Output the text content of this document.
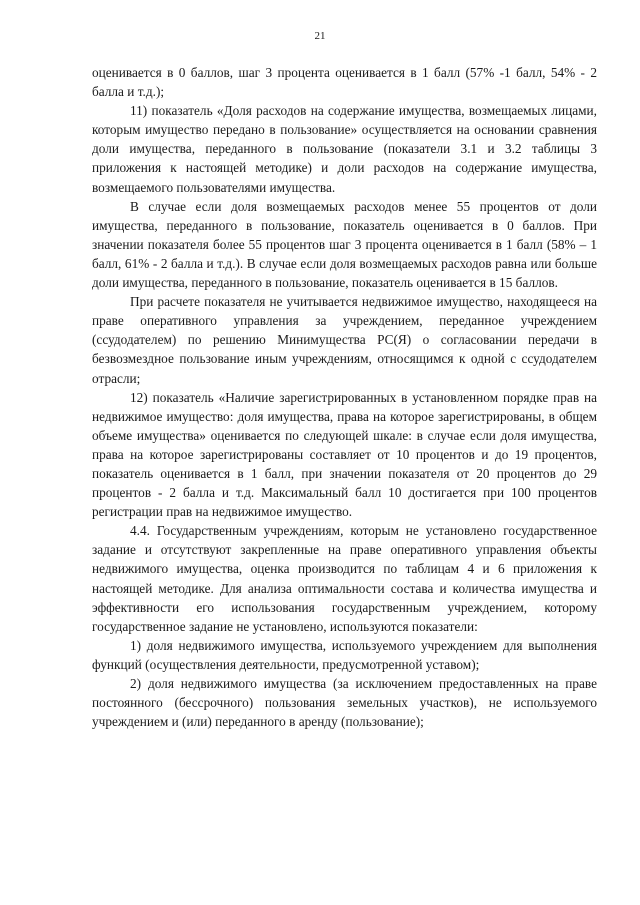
21

оценивается в 0 баллов, шаг 3 процента оценивается в 1 балл (57% -1 балл, 54% - 2 балла и т.д.);

11) показатель «Доля расходов на содержание имущества, возмещаемых лицами, которым имущество передано в пользование» осуществляется на основании сравнения доли имущества, переданного в пользование (показатели 3.1 и 3.2 таблицы 3 приложения к настоящей методике) и доли расходов на содержание имущества, возмещаемого пользователями имущества.

В случае если доля возмещаемых расходов менее 55 процентов от доли имущества, переданного в пользование, показатель оценивается в 0 баллов. При значении показателя более 55 процентов шаг 3 процента оценивается в 1 балл (58% – 1 балл, 61% - 2 балла и т.д.). В случае если доля возмещаемых расходов равна или больше доли имущества, переданного в пользование, показатель оценивается в 15 баллов.

При расчете показателя не учитывается недвижимое имущество, находящееся на праве оперативного управления за учреждением, переданное учреждением (ссудодателем) по решению Минимущества РС(Я) о согласовании передачи в безвозмездное пользование иным учреждениям, относящимся к одной с ссудодателем отрасли;

12) показатель «Наличие зарегистрированных в установленном порядке прав на недвижимое имущество: доля имущества, права на которое зарегистрированы, в общем объеме имущества» оценивается по следующей шкале: в случае если доля имущества, права на которое зарегистрированы составляет от 10 процентов и до 19 процентов, показатель оценивается в 1 балл, при значении показателя от 20 процентов до 29 процентов - 2 балла и т.д. Максимальный балл 10 достигается при 100 процентов регистрации прав на недвижимое имущество.

4.4. Государственным учреждениям, которым не установлено государственное задание и отсутствуют закрепленные на праве оперативного управления объекты недвижимого имущества, оценка производится по таблицам 4 и 6 приложения к настоящей методике. Для анализа оптимальности состава и количества имущества и эффективности его использования государственным учреждением, которому государственное задание не установлено, используются показатели:

1) доля недвижимого имущества, используемого учреждением для выполнения функций (осуществления деятельности, предусмотренной уставом);

2) доля недвижимого имущества (за исключением предоставленных на праве постоянного (бессрочного) пользования земельных участков), не используемого учреждением и (или) переданного в аренду (пользование);
